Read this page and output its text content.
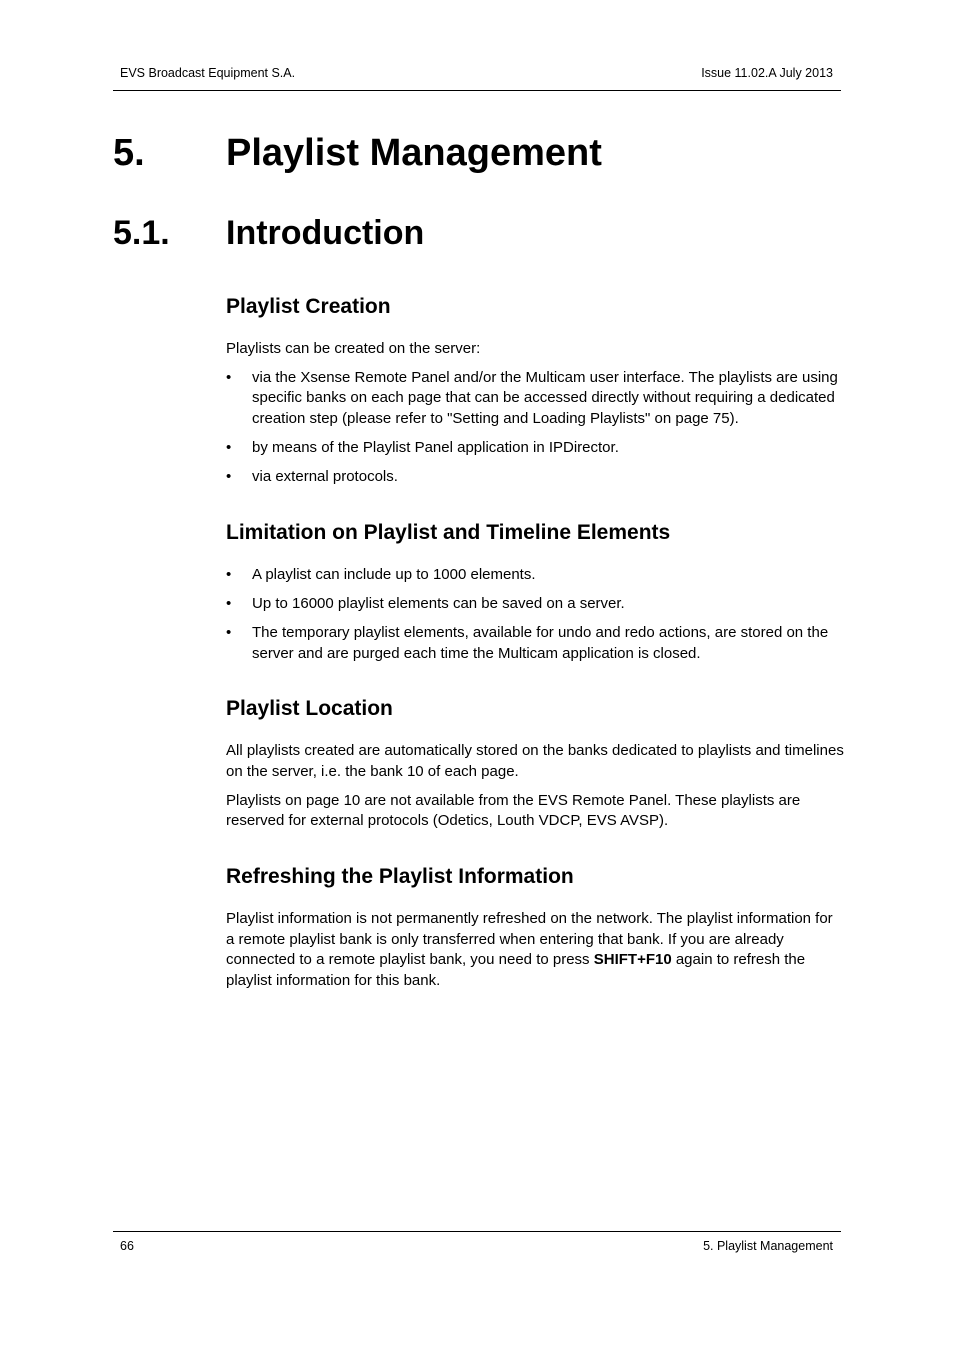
EVS Broadcast Equipment S.A.	Issue 11.02.A July 2013
5. Playlist Management
5.1. Introduction
Playlist Creation

Playlists can be created on the server:

• via the Xsense Remote Panel and/or the Multicam user interface. The playlists are using specific banks on each page that can be accessed directly without requiring a dedicated creation step (please refer to "Setting and Loading Playlists" on page 75).
• by means of the Playlist Panel application in IPDirector.
• via external protocols.
Limitation on Playlist and Timeline Elements
• A playlist can include up to 1000 elements.
• Up to 16000 playlist elements can be saved on a server.
• The temporary playlist elements, available for undo and redo actions, are stored on the server and are purged each time the Multicam application is closed.
Playlist Location

All playlists created are automatically stored on the banks dedicated to playlists and timelines on the server, i.e. the bank 10 of each page.

Playlists on page 10 are not available from the EVS Remote Panel. These playlists are reserved for external protocols (Odetics, Louth VDCP, EVS AVSP).

Refreshing the Playlist Information

Playlist information is not permanently refreshed on the network. The playlist information for a remote playlist bank is only transferred when entering that bank. If you are already connected to a remote playlist bank, you need to press SHIFT+F10 again to refresh the playlist information for this bank.

66	5. Playlist Management
